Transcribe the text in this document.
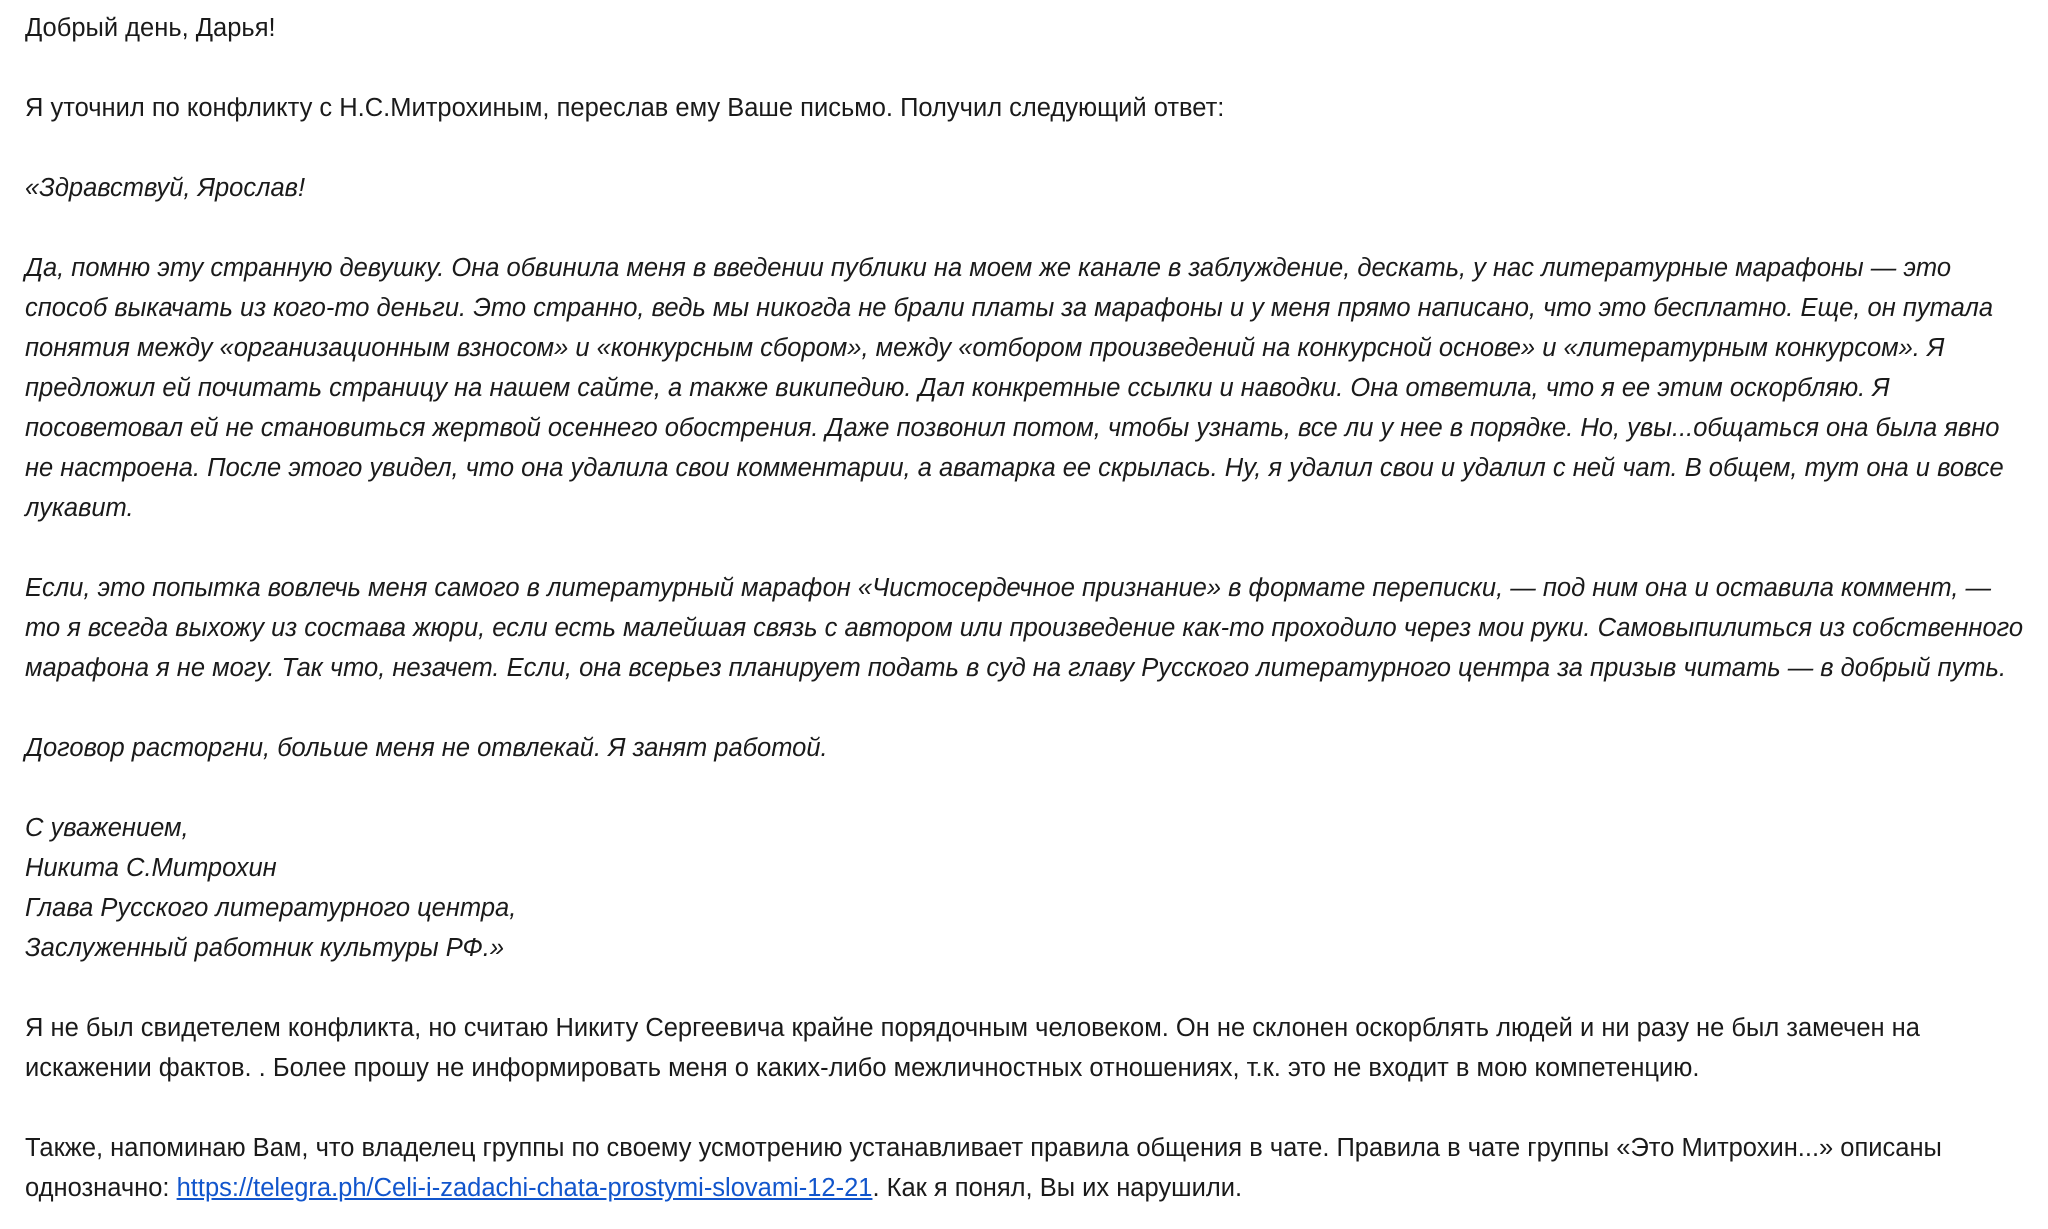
Добрый день, Дарья!

Я уточнил по конфликту с Н.С.Митрохиным, переслав ему Ваше письмо. Получил следующий ответ:

«Здравствуй, Ярослав!

Да, помню эту странную девушку. Она обвинила меня в введении публики на моем же канале в заблуждение, дескать, у нас литературные марафоны — это способ выкачать из кого-то деньги. Это странно, ведь мы никогда не брали платы за марафоны и у меня прямо написано, что это бесплатно. Еще, он путала понятия между «организационным взносом» и «конкурсным сбором», между «отбором произведений на конкурсной основе» и «литературным конкурсом». Я предложил ей почитать страницу на нашем сайте, а также википедию. Дал конкретные ссылки и наводки. Она ответила, что я ее этим оскорбляю. Я посоветовал ей не становиться жертвой осеннего обострения. Даже позвонил потом, чтобы узнать, все ли у нее в порядке. Но, увы...общаться она была явно не настроена. После этого увидел, что она удалила свои комментарии, а аватарка ее скрылась. Ну, я удалил свои и удалил с ней чат. В общем, тут она и вовсе лукавит.

Если, это попытка вовлечь меня самого в литературный марафон «Чистосердечное признание» в формате переписки, — под ним она и оставила коммент, — то я всегда выхожу из состава жюри, если есть малейшая связь с автором или произведение как-то проходило через мои руки. Самовыпилиться из собственного марафона я не могу. Так что, незачет. Если, она всерьез планирует подать в суд на главу Русского литературного центра за призыв читать — в добрый путь.

Договор расторгни, больше меня не отвлекай. Я занят работой.

С уважением,
Никита С.Митрохин
Глава Русского литературного центра,
Заслуженный работник культуры РФ.»

Я не был свидетелем конфликта, но считаю Никиту Сергеевича крайне порядочным человеком. Он не склонен оскорблять людей и ни разу не был замечен на искажении фактов. . Более прошу не информировать меня о каких-либо межличностных отношениях, т.к. это не входит в мою компетенцию.

Также, напоминаю Вам, что владелец группы по своему усмотрению устанавливает правила общения в чате. Правила в чате группы «Это Митрохин...» описаны однозначно: https://telegra.ph/Celi-i-zadachi-chata-prostymi-slovami-12-21. Как я понял, Вы их нарушили.
